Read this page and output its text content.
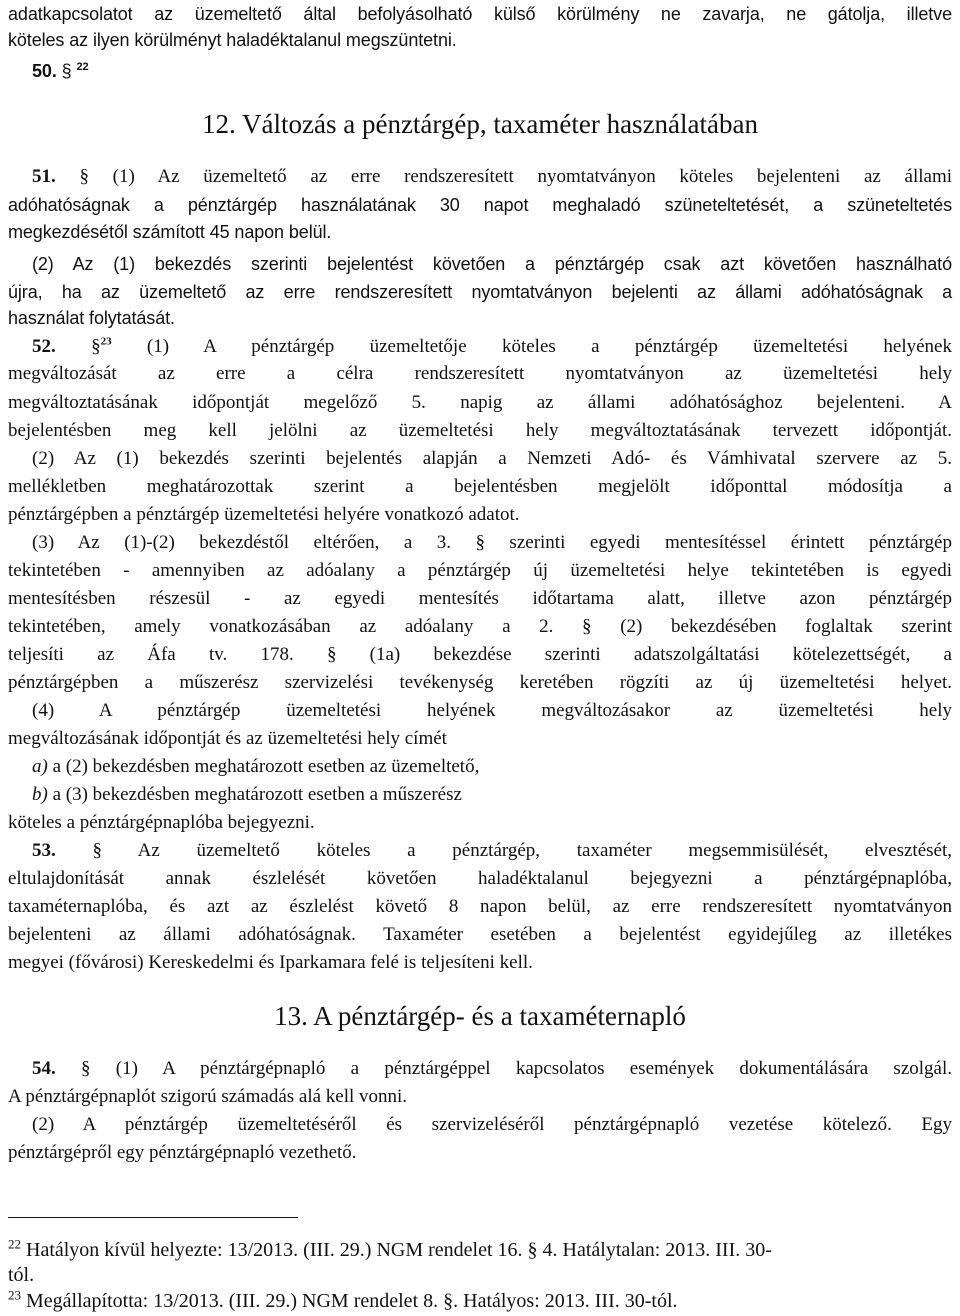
adatkapcsolatot az üzemeltető által befolyásolható külső körülmény ne zavarja, ne gátolja, illetve

köteles az ilyen körülményt haladéktalanul megszüntetni.

50. § $^{22}$

12. Változás a pénztárgép, taxaméter használatában

51. § (1) Az üzemeltető az erre rendszeresített nyomtatványon köteles bejelenteni az állami

adóhatóságnak a pénztárgép használatának 30 napot meghaladó szüneteltetését, a szüneteltetés

megkezdésétől számított 45 napon belül.

(2) Az (1) bekezdés szerinti bejelentést követően a pénztárgép csak azt követően használható

újra, ha az üzemeltető az erre rendszeresített nyomtatványon bejelenti az állami adóhatóságnak a

használat folytatását.

52. §$^{23}$ (1) A pénztárgép üzemeltetője köteles a pénztárgép üzemeltetési helyének

megváltozását az erre a célra rendszeresített nyomtatványon az üzemeltetési hely

megváltoztatásának időpontját megelőző 5. napig az állami adóhatósághoz bejelenteni. A

bejelentésben meg kell jelölni az üzemeltetési hely megváltoztatásának tervezett időpontját.

(2) Az (1) bekezdés szerinti bejelentés alapján a Nemzeti Adó- és Vámhivatal szervere az 5.

mellékletben meghatározottak szerint a bejelentésben megjelölt időponttal módosítja a

pénztárgépben a pénztárgép üzemeltetési helyére vonatkozó adatot.

(3) Az (1)-(2) bekezdéstől eltérően, a 3. § szerinti egyedi mentesítéssel érintett pénztárgép

tekintetében - amennyiben az adóalany a pénztárgép új üzemeltetési helye tekintetében is egyedi

mentesítésben részesül - az egyedi mentesítés időtartama alatt, illetve azon pénztárgép

tekintetében, amely vonatkozásában az adóalany a 2. § (2) bekezdésében foglaltak szerint

teljesíti az Áfa tv. 178. § (1a) bekezdése szerinti adatszolgáltatási kötelezettségét, a

pénztárgépben a műszerész szervizelési tevékenység keretében rögzíti az új üzemeltetési helyet.

(4) A pénztárgép üzemeltetési helyének megváltozásakor az üzemeltetési hely

megváltozásának időpontját és az üzemeltetési hely címét

a) a (2) bekezdésben meghatározott esetben az üzemeltető,

b) a (3) bekezdésben meghatározott esetben a műszerész

köteles a pénztárgépnaplóba bejegyezni.

53. § Az üzemeltető köteles a pénztárgép, taxaméter megsemmisülését, elvesztését,

eltulajdonítását annak észlelését követően haladéktalanul bejegyezni a pénztárgépnaplóba,

taxaméternaplóba, és azt az észlelést követő 8 napon belül, az erre rendszeresített nyomtatványon

bejelenteni az állami adóhatóságnak. Taxaméter esetében a bejelentést egyidejűleg az illetékes

megyei (fővárosi) Kereskedelmi és Iparkamara felé is teljesíteni kell.

13. A pénztárgép- és a taxaméternapló

54. § (1) A pénztárgépnapló a pénztárgéppel kapcsolatos események dokumentálására szolgál.

A pénztárgépnaplót szigorú számadás alá kell vonni.

(2) A pénztárgép üzemeltetéséről és szervizeléséről pénztárgépnapló vezetése kötelező. Egy

pénztárgépről egy pénztárgépnapló vezethető.

$^{22}$ Hatályon kívül helyezte: 13/2013. (III. 29.) NGM rendelet 16. § 4. Hatálytalan: 2013. III. 30-

tól.

$^{23}$ Megállapította: 13/2013. (III. 29.) NGM rendelet 8. §. Hatályos: 2013. III. 30-tól.
